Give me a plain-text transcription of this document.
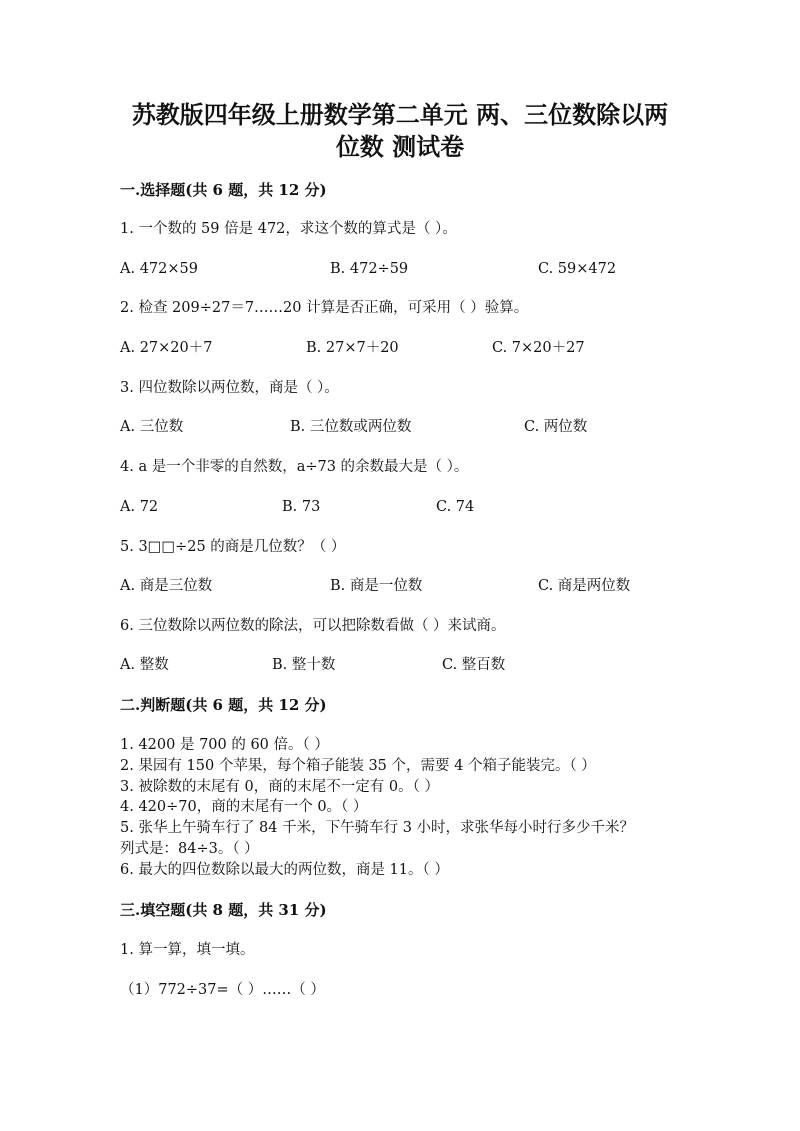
苏教版四年级上册数学第二单元 两、三位数除以两
位数 测试卷
一.选择题(共 6 题，共 12 分)
1. 一个数的 59 倍是 472，求这个数的算式是（ ）。
A. 472×59	B. 472÷59	C. 59×472
2. 检查 209÷27＝7……20 计算是否正确，可采用（ ）验算。
A. 27×20＋7	B. 27×7＋20	C. 7×20＋27
3. 四位数除以两位数，商是（ ）。
A. 三位数	B. 三位数或两位数	C. 两位数
4. a 是一个非零的自然数，a÷73 的余数最大是（ ）。
A. 72	B. 73	C. 74
5. 3□□÷25 的商是几位数？（ ）
A. 商是三位数	B. 商是一位数	C. 商是两位数
6. 三位数除以两位数的除法，可以把除数看做（ ）来试商。
A. 整数	B. 整十数	C. 整百数
二.判断题(共 6 题，共 12 分)
1. 4200 是 700 的 60 倍。（ ）
2. 果园有 150 个苹果，每个箱子能装 35 个，需要 4 个箱子能装完。（ ）
3. 被除数的末尾有 0，商的末尾不一定有 0。（ ）
4. 420÷70，商的末尾有一个 0。（ ）
5. 张华上午骑车行了 84 千米，下午骑车行 3 小时，求张华每小时行多少千米？
列式是：84÷3。（ ）
6. 最大的四位数除以最大的两位数，商是 11。（ ）
三.填空题(共 8 题，共 31 分)
1. 算一算，填一填。
（1）772÷37=（ ）……（ ）
